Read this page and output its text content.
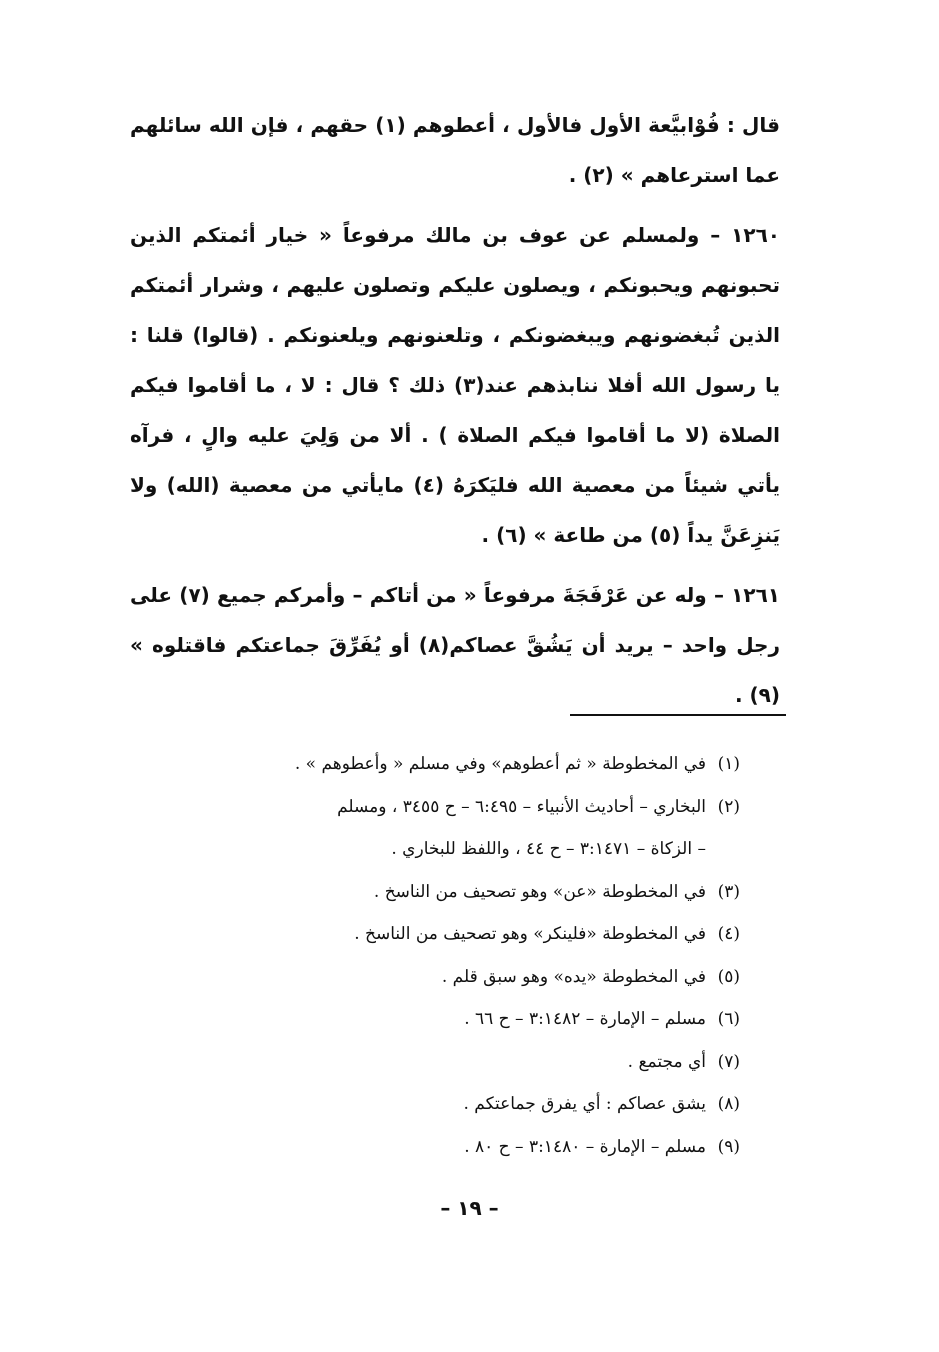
قال : فُوْابيَّعة الأول فالأول ، أعطوهم (١) حقهم ، فإن الله سائلهم عما استرعاهم » (٢) .

١٢٦٠ – ولمسلم عن عوف بن مالك مرفوعاً « خيار أئمتكم الذين تحبونهم ويحبونكم ، ويصلون عليكم وتصلون عليهم ، وشرار أئمتكم الذين تُبغضونهم ويبغضونكم ، وتلعنونهم ويلعنونكم . (قالوا) قلنا : يا رسول الله أفلا ننابذهم عند(٣) ذلك ؟ قال : لا ، ما أقاموا فيكم الصلاة (لا ما أقاموا فيكم الصلاة ) . ألا من وَلِيَ عليه والٍ ، فرآه يأتي شيئاً من معصية الله فليَكرَهُ (٤) مايأتي من معصية (الله) ولا يَنزِعَنَّ يداً (٥) من طاعة » (٦) .

١٢٦١ – وله عن عَرْفَجَةَ مرفوعاً « من أتاكم – وأمركم جميع (٧) على رجل واحد – يريد أن يَشُقَّ عصاكم(٨) أو يُفَرِّقَ جماعتكم فاقتلوه » (٩) .

(١)
في المخطوطة « ثم أعطوهم» وفي مسلم « وأعطوهم » .
(٢)
البخاري – أحاديث الأنبياء – ٦:٤٩٥ – ح ٣٤٥٥ ، ومسلم
– الزكاة – ٣:١٤٧١ – ح ٤٤ ، واللفظ للبخاري .
(٣)
في المخطوطة «عن» وهو تصحيف من الناسخ .
(٤)
في المخطوطة «فلينكر» وهو تصحيف من الناسخ .
(٥)
في المخطوطة «يده» وهو سبق قلم .
(٦)
مسلم – الإمارة – ٣:١٤٨٢ – ح ٦٦ .
(٧)
أي مجتمع .
(٨)
يشق عصاكم : أي يفرق جماعتكم .
(٩)
مسلم – الإمارة – ٣:١٤٨٠ – ح ٨٠ .
– ١٩ –
